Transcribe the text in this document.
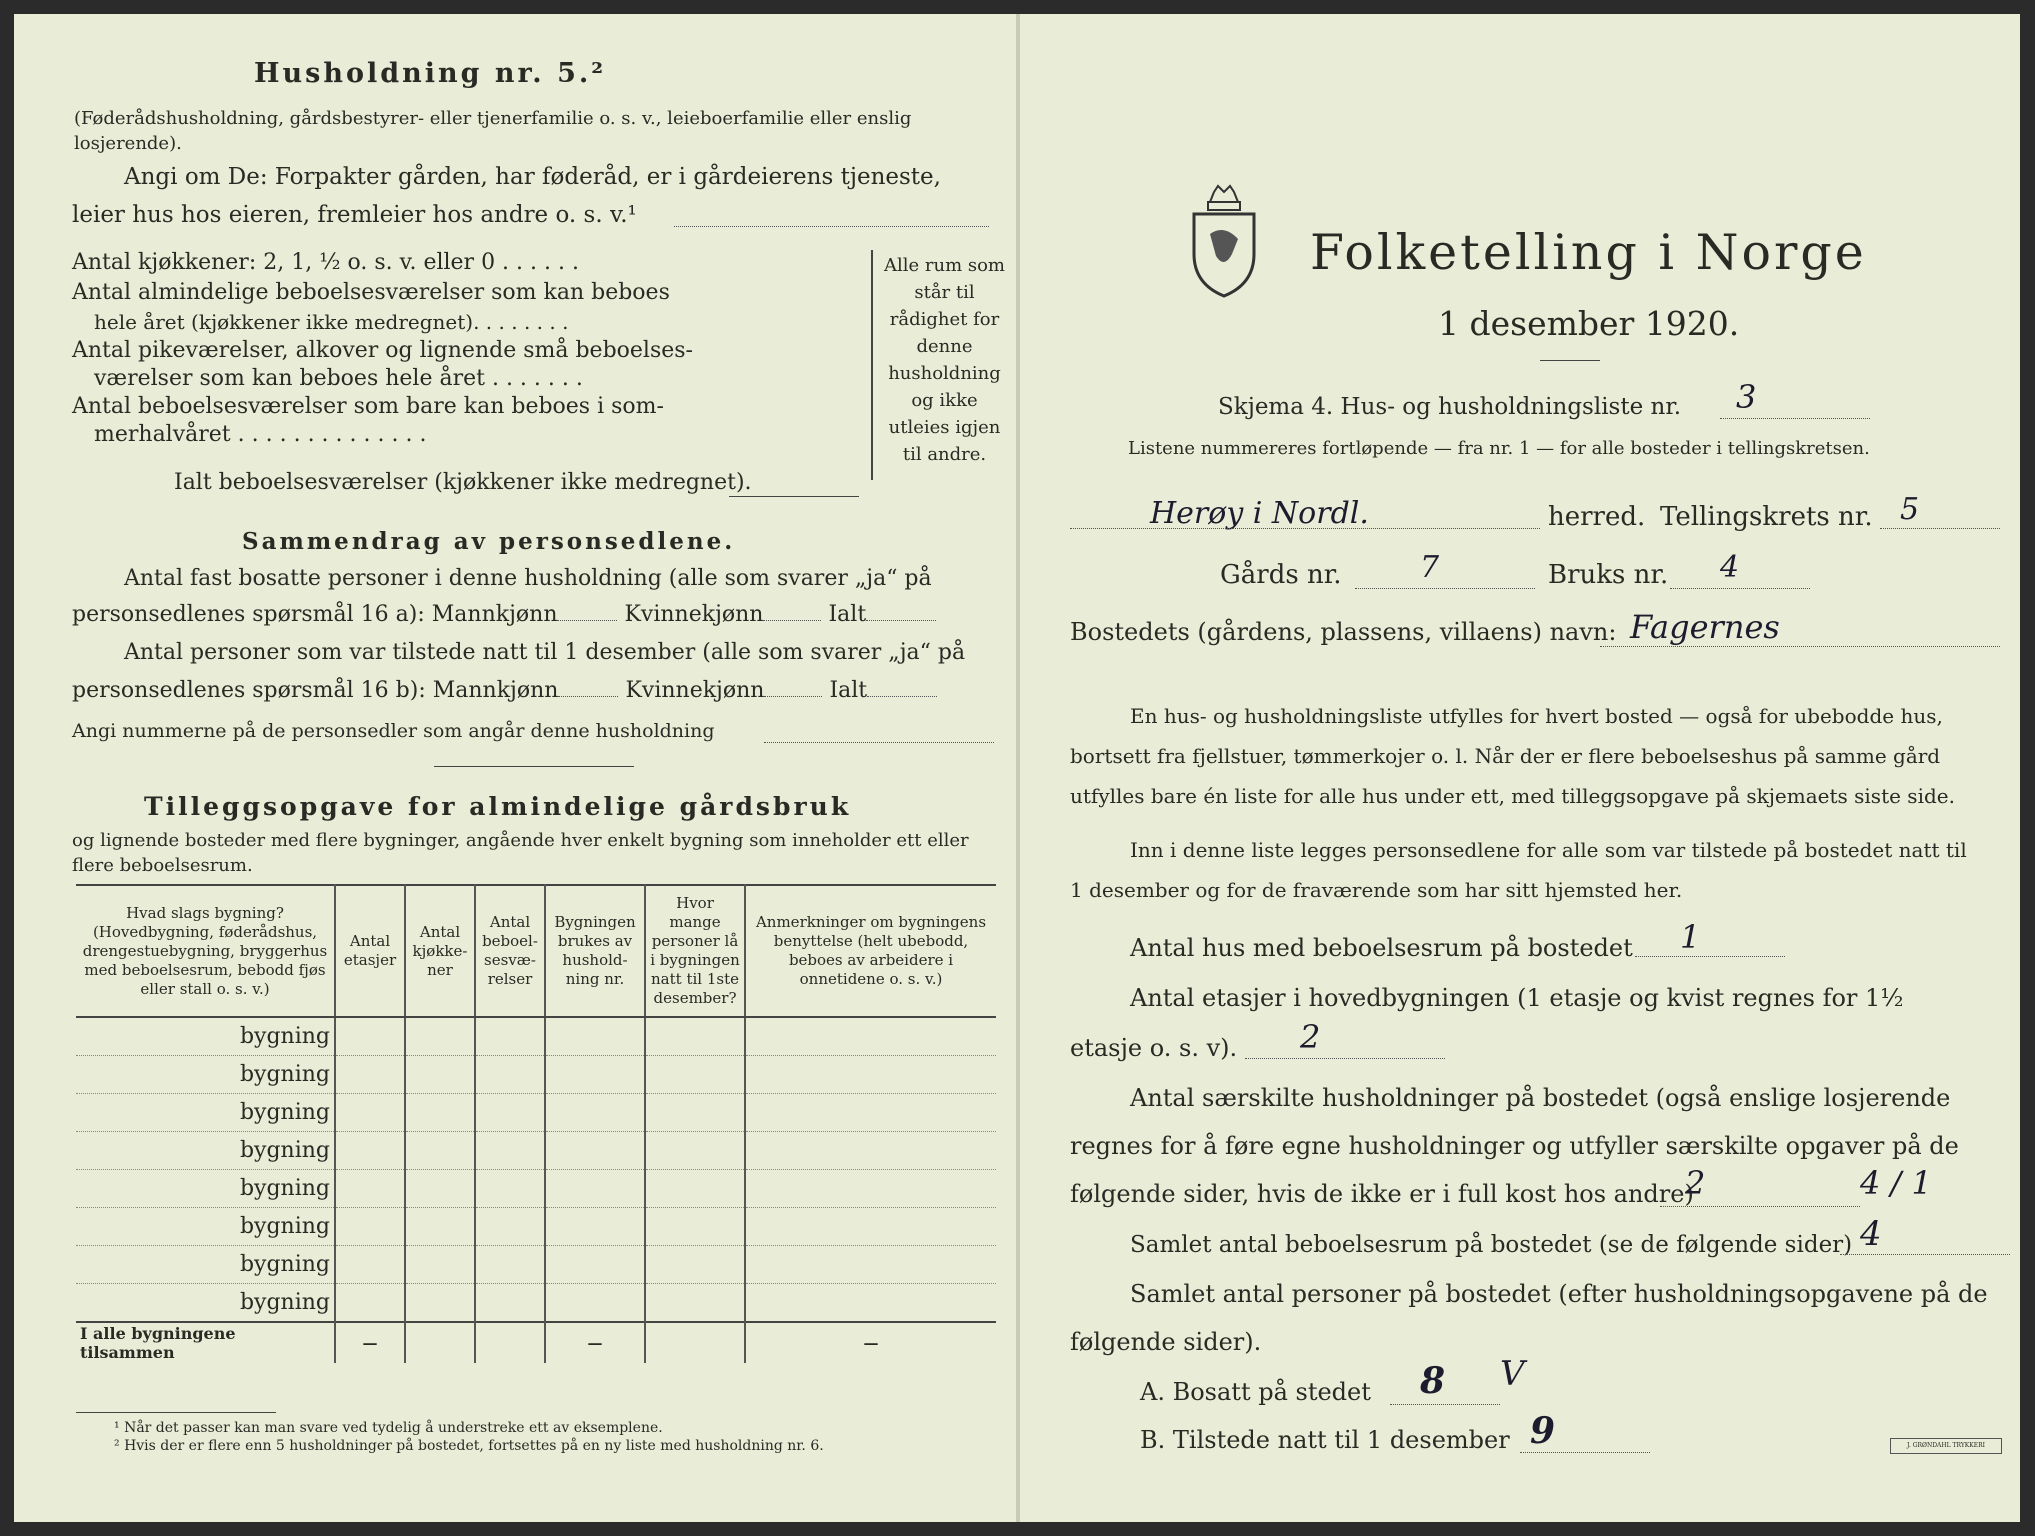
Husholdning nr. 5.²
(Føderådshusholdning, gårdsbestyrer- eller tjenerfamilie o. s. v., leieboerfamilie eller enslig losjerende).
Angi om De: Forpakter gården, har føderåd, er i gårdeierens tjeneste,
leier hus hos eieren, fremleier hos andre o. s. v.¹
Antal kjøkkener: 2, 1, ½ o. s. v. eller 0 . . . . . .
Antal almindelige beboelsesværelser som kan beboes
hele året (kjøkkener ikke medregnet). . . . . . . .
Antal pikeværelser, alkover og lignende små beboelses-
værelser som kan beboes hele året . . . . . . .
Antal beboelsesværelser som bare kan beboes i som-
merhalvåret . . . . . . . . . . . . . .
Ialt beboelsesværelser (kjøkkener ikke medregnet).
Alle rum som står til rådighet for denne husholdning og ikke utleies igjen til andre.
Sammendrag av personsedlene.
Antal fast bosatte personer i denne husholdning (alle som svarer „ja“ på
personsedlenes spørsmål 16 a): Mannkjønn	Kvinnekjønn	Ialt
Antal personer som var tilstede natt til 1 desember (alle som svarer „ja“ på
personsedlenes spørsmål 16 b): Mannkjønn	Kvinnekjønn	Ialt
Angi nummerne på de personsedler som angår denne husholdning
Tilleggsopgave for almindelige gårdsbruk
og lignende bosteder med flere bygninger, angående hver enkelt bygning som inneholder ett eller flere beboelsesrum.
Hvad slags bygning? (Hovedbygning, føderådshus, drengestuebygning, bryggerhus med beboelsesrum, bebodd fjøs eller stall o. s. v.)	Antal etasjer	Antal kjøkke-ner	Antal beboel-sesvæ-relser	Bygningen brukes av hushold-ning nr.	Hvor mange personer lå i bygningen natt til 1ste desember?	Anmerkninger om bygningens benyttelse (helt ubebodd, beboes av arbeidere i onnetidene o. s. v.)
bygning						
bygning						
bygning						
bygning						
bygning						
bygning						
bygning						
bygning						
I alle bygningene tilsammen	—			—		—
¹ Når det passer kan man svare ved tydelig å understreke ett av eksemplene.
² Hvis der er flere enn 5 husholdninger på bostedet, fortsettes på en ny liste med husholdning nr. 6.
Folketelling i Norge
1 desember 1920.
Skjema 4. Hus- og husholdningsliste nr. 3
Listene nummereres fortløpende — fra nr. 1 — for alle bosteder i tellingskretsen.
Herøy i Nordl.	herred. Tellingskrets nr. 5
Gårds nr.	7	Bruks nr. 4
Bostedets (gårdens, plassens, villaens) navn: Fagernes
En hus- og husholdningsliste utfylles for hvert bosted — også for ubebodde hus,
bortsett fra fjellstuer, tømmerkojer o. l. Når der er flere beboelseshus på samme gård
utfylles bare én liste for alle hus under ett, med tilleggsopgave på skjemaets siste side.
Inn i denne liste legges personsedlene for alle som var tilstede på bostedet natt til
1 desember og for de fraværende som har sitt hjemsted her.
Antal hus med beboelsesrum på bostedet 1
Antal etasjer i hovedbygningen (1 etasje og kvist regnes for 1½
etasje o. s. v). 2
Antal særskilte husholdninger på bostedet (også enslige losjerende
regnes for å føre egne husholdninger og utfyller særskilte opgaver på de
følgende sider, hvis de ikke er i full kost hos andre)
2	4 / 1
Samlet antal beboelsesrum på bostedet (se de følgende sider) 4
Samlet antal personer på bostedet (efter husholdningsopgavene på de
følgende sider).
A. Bosatt på stedet 8 V
B. Tilstede natt til 1 desember 9	J. GRØNDAHL TRYKKERI
